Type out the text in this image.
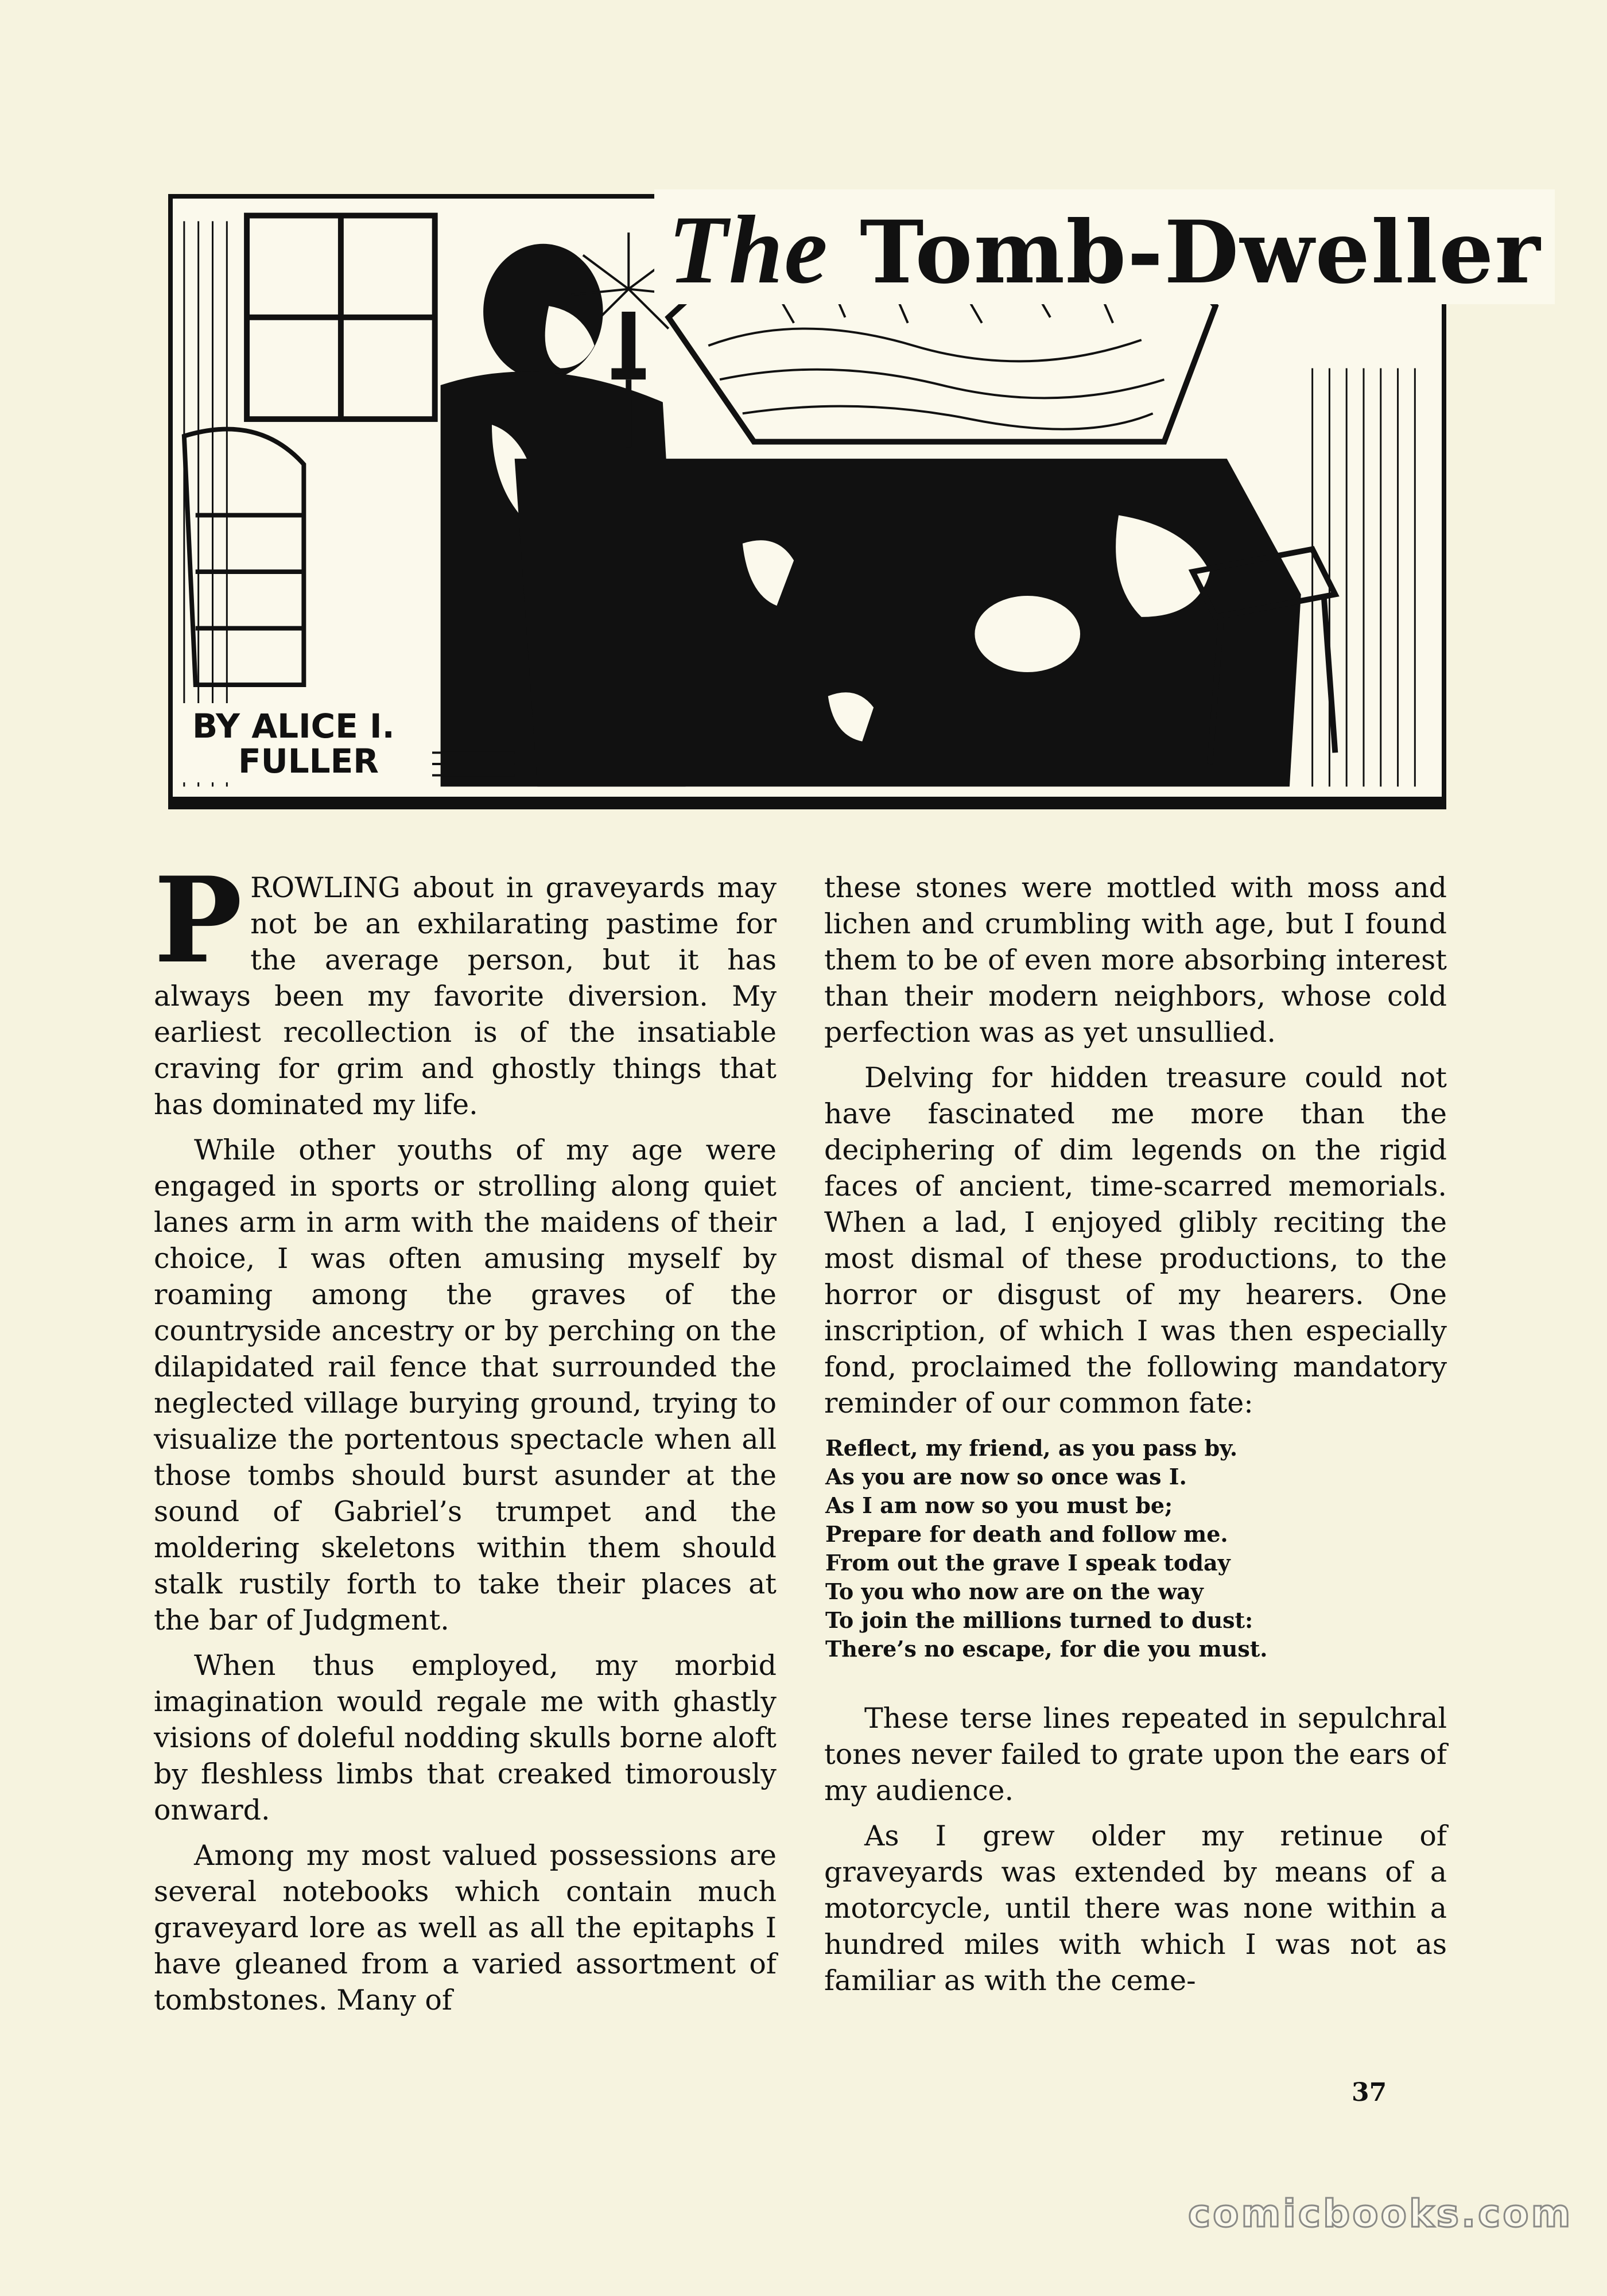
The Tomb-Dweller
BY ALICE I.
FULLER

PROWLING about in graveyards may not be an exhilarating pastime for the average person, but it has always been my favorite diversion. My earliest recollection is of the insatiable craving for grim and ghostly things that has dominated my life.

While other youths of my age were engaged in sports or strolling along quiet lanes arm in arm with the maidens of their choice, I was often amusing myself by roaming among the graves of the countryside ancestry or by perching on the dilapidated rail fence that surrounded the neglected village burying ground, trying to visualize the portentous spectacle when all those tombs should burst asunder at the sound of Gabriel’s trumpet and the moldering skeletons within them should stalk rustily forth to take their places at the bar of Judgment.

When thus employed, my morbid imagination would regale me with ghastly visions of doleful nodding skulls borne aloft by fleshless limbs that creaked timorously onward.

Among my most valued possessions are several notebooks which contain much graveyard lore as well as all the epitaphs I have gleaned from a varied assortment of tombstones. Many of

these stones were mottled with moss and lichen and crumbling with age, but I found them to be of even more absorbing interest than their modern neighbors, whose cold perfection was as yet unsullied.

Delving for hidden treasure could not have fascinated me more than the deciphering of dim legends on the rigid faces of ancient, time-scarred memorials. When a lad, I enjoyed glibly reciting the most dismal of these productions, to the horror or disgust of my hearers. One inscription, of which I was then especially fond, proclaimed the following mandatory reminder of our common fate:

Reflect, my friend, as you pass by.
As you are now so once was I.
As I am now so you must be;
Prepare for death and follow me.
From out the grave I speak today
To you who now are on the way
To join the millions turned to dust:
There’s no escape, for die you must.

These terse lines repeated in sepulchral tones never failed to grate upon the ears of my audience.

As I grew older my retinue of graveyards was extended by means of a motorcycle, until there was none within a hundred miles with which I was not as familiar as with the ceme-

37
comicbooks.com
